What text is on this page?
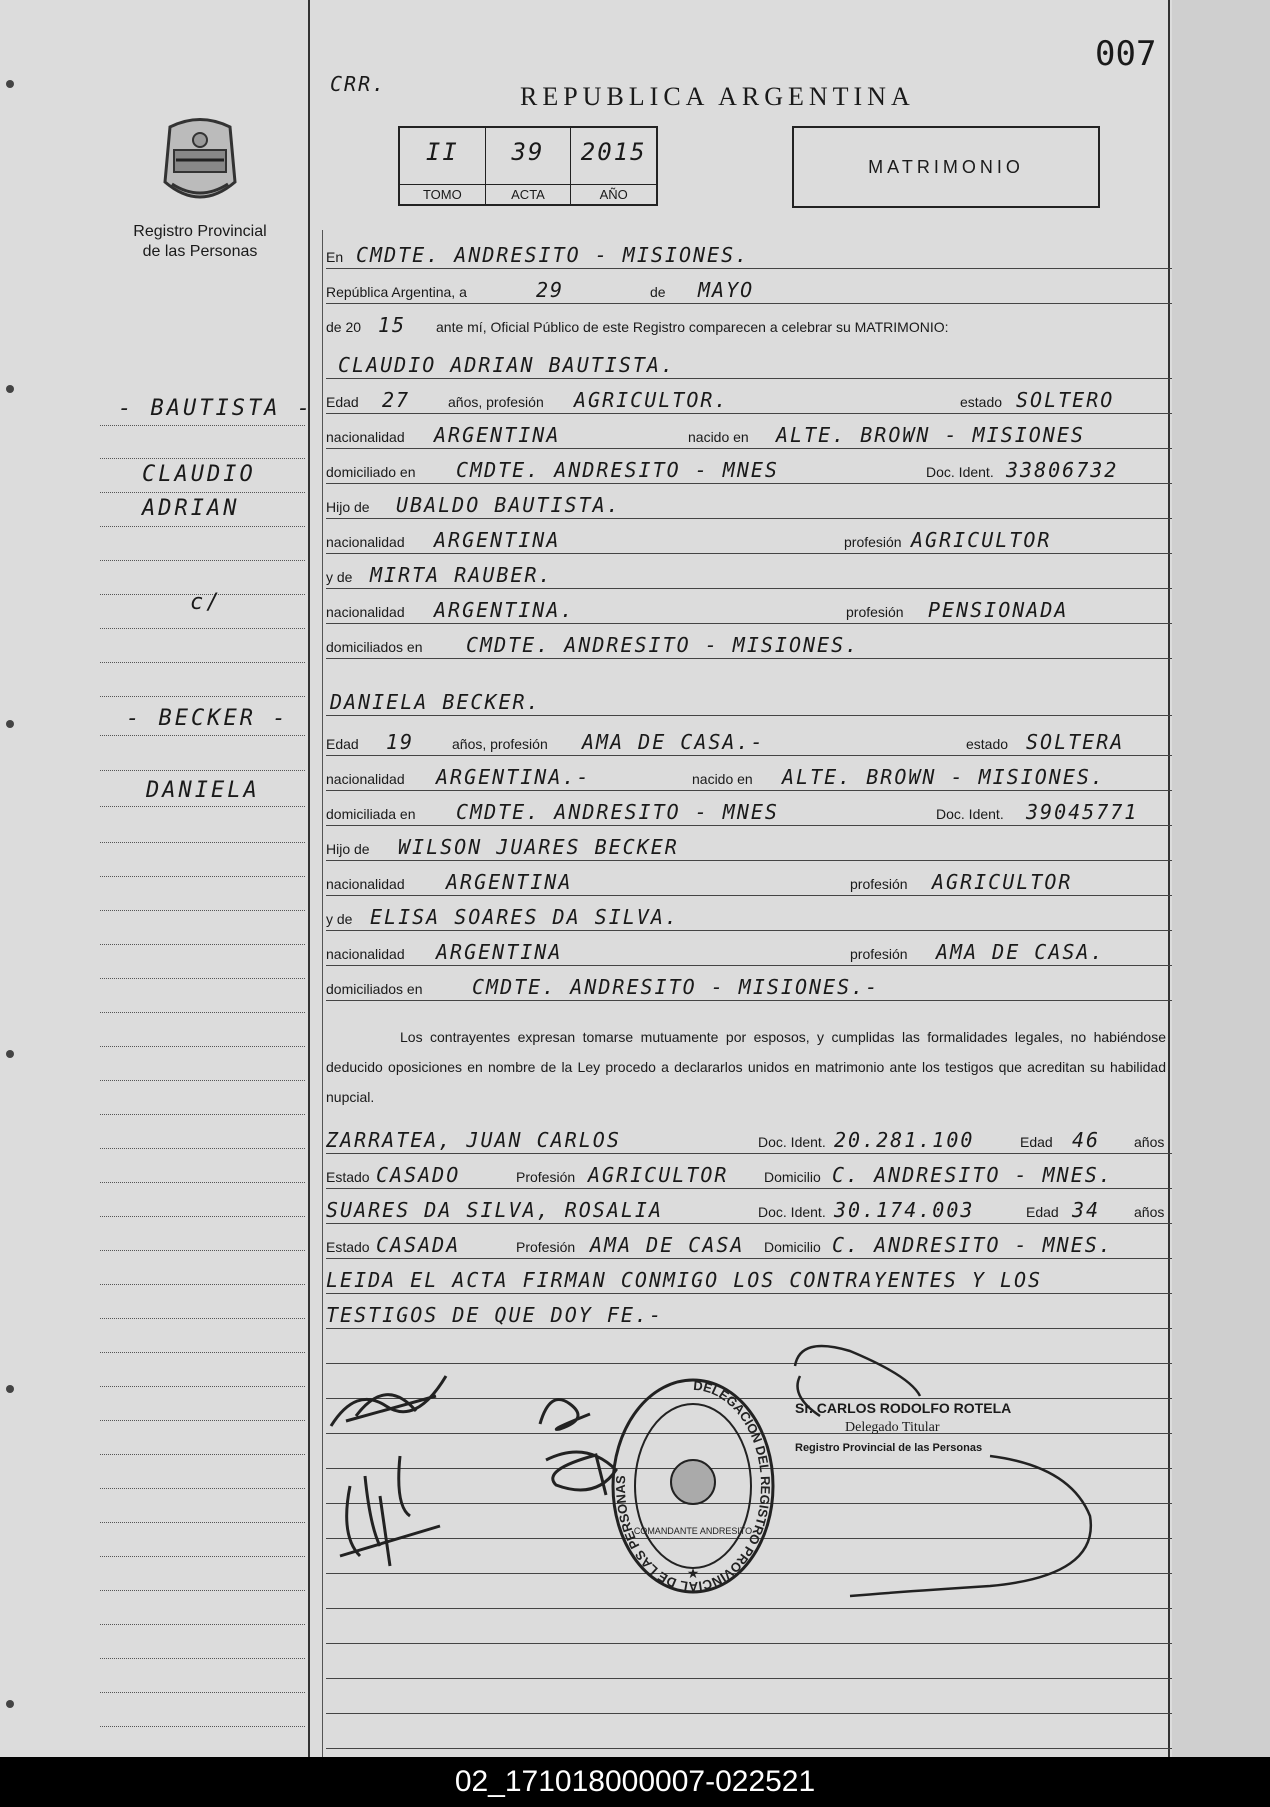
CRR.
007
REPUBLICA ARGENTINA
II
TOMO
39
ACTA
2015
AÑO
MATRIMONIO
Registro Provincial
de las Personas	En CMDTE. ANDRESITO - MISIONES.
República Argentina, a	29	de MAYO
de 20 15 ante mí, Oficial Público de este Registro comparecen a celebrar su MATRIMONIO:
CLAUDIO ADRIAN BAUTISTA.
Edad 27	años, profesión AGRICULTOR.	estado SOLTERO
nacionalidad ARGENTINA	nacido en ALTE. BROWN - MISIONES
domiciliado en CMDTE. ANDRESITO - MNES	Doc. Ident. 33806732
Hijo de UBALDO BAUTISTA.
nacionalidad ARGENTINA	profesión AGRICULTOR
y de MIRTA RAUBER.
nacionalidad ARGENTINA.	profesión PENSIONADA
domiciliados en CMDTE. ANDRESITO - MISIONES.
DANIELA BECKER.
Edad 19	años, profesión AMA DE CASA.-	estado SOLTERA
nacionalidad ARGENTINA.-	nacido en ALTE. BROWN - MISIONES.
domiciliada en CMDTE. ANDRESITO - MNES	Doc. Ident. 39045771
Hijo de WILSON JUARES BECKER
nacionalidad ARGENTINA	profesión AGRICULTOR
y de ELISA SOARES DA SILVA.
nacionalidad ARGENTINA	profesión AMA DE CASA.
domiciliados en CMDTE. ANDRESITO - MISIONES.-
Los contrayentes expresan tomarse mutuamente por esposos, y cumplidas las formalidades legales, no habiéndose deducido oposiciones en nombre de la Ley procedo a declararlos unidos en matrimonio ante los testigos que acreditan su habilidad nupcial.
ZARRATEA, JUAN CARLOS	Doc. Ident. 20.281.100	Edad 46 años
Estado CASADO	Profesión AGRICULTOR	Domicilio C. ANDRESITO - MNES.
SUARES DA SILVA, ROSALIA	Doc. Ident. 30.174.003	Edad 34 años
Estado CASADA	Profesión AMA DE CASA Domicilio C. ANDRESITO - MNES.
LEIDA EL ACTA FIRMAN CONMIGO LOS CONTRAYENTES Y LOS
TESTIGOS DE QUE DOY FE.-
- BAUTISTA -
CLAUDIO
ADRIAN
c/
- BECKER -
DANIELA
DELEGACION DEL REGISTRO PROVINCIAL DE LAS PERSONAS
COMANDANTE ANDRESITO
★
Sr. CARLOS RODOLFO ROTELA
Delegado Titular
Registro Provincial de las Personas
02_171018000007-022521
